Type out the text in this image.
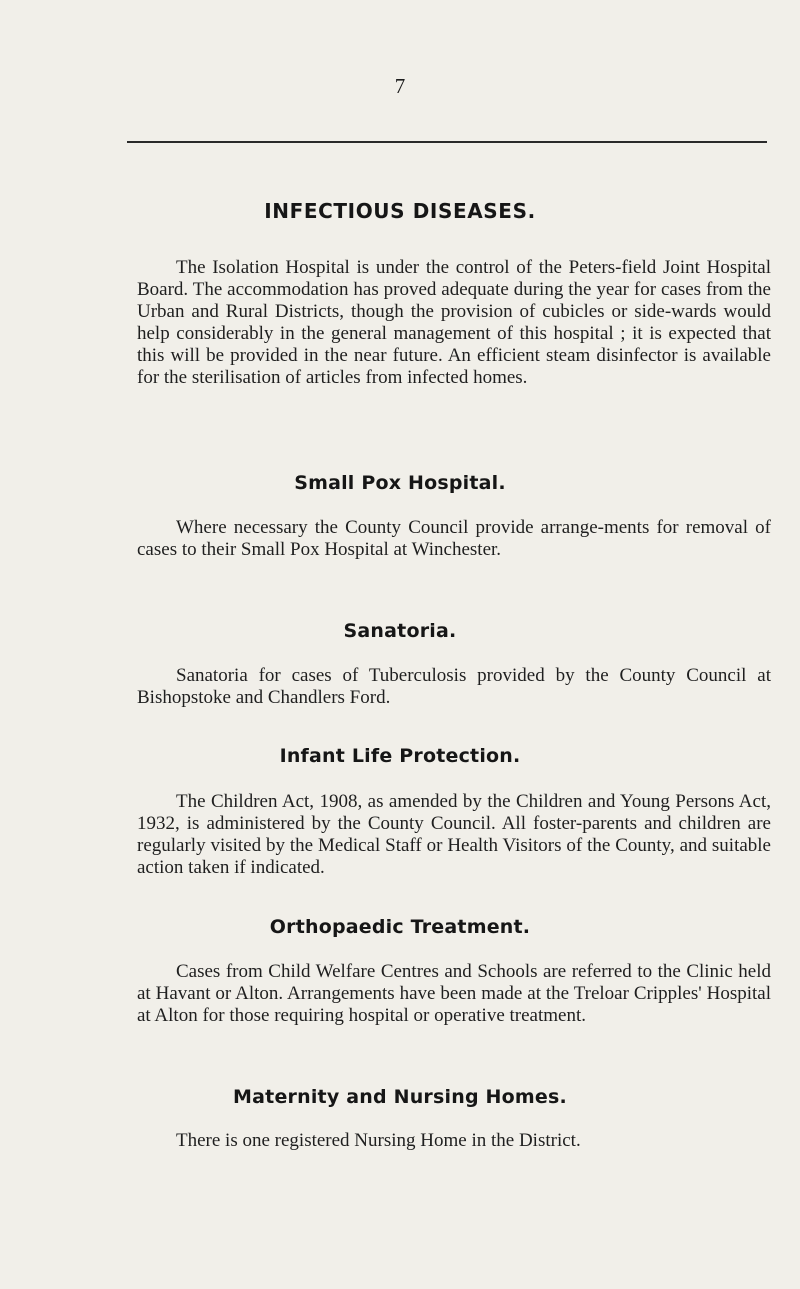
7
INFECTIOUS DISEASES.
The Isolation Hospital is under the control of the Peters-field Joint Hospital Board. The accommodation has proved adequate during the year for cases from the Urban and Rural Districts, though the provision of cubicles or side-wards would help considerably in the general management of this hospital ; it is expected that this will be provided in the near future. An efficient steam disinfector is available for the sterilisation of articles from infected homes.
Small Pox Hospital.
Where necessary the County Council provide arrange-ments for removal of cases to their Small Pox Hospital at Winchester.
Sanatoria.
Sanatoria for cases of Tuberculosis provided by the County Council at Bishopstoke and Chandlers Ford.
Infant Life Protection.
The Children Act, 1908, as amended by the Children and Young Persons Act, 1932, is administered by the County Council. All foster-parents and children are regularly visited by the Medical Staff or Health Visitors of the County, and suitable action taken if indicated.
Orthopaedic Treatment.
Cases from Child Welfare Centres and Schools are referred to the Clinic held at Havant or Alton. Arrangements have been made at the Treloar Cripples' Hospital at Alton for those requiring hospital or operative treatment.
Maternity and Nursing Homes.
There is one registered Nursing Home in the District.
